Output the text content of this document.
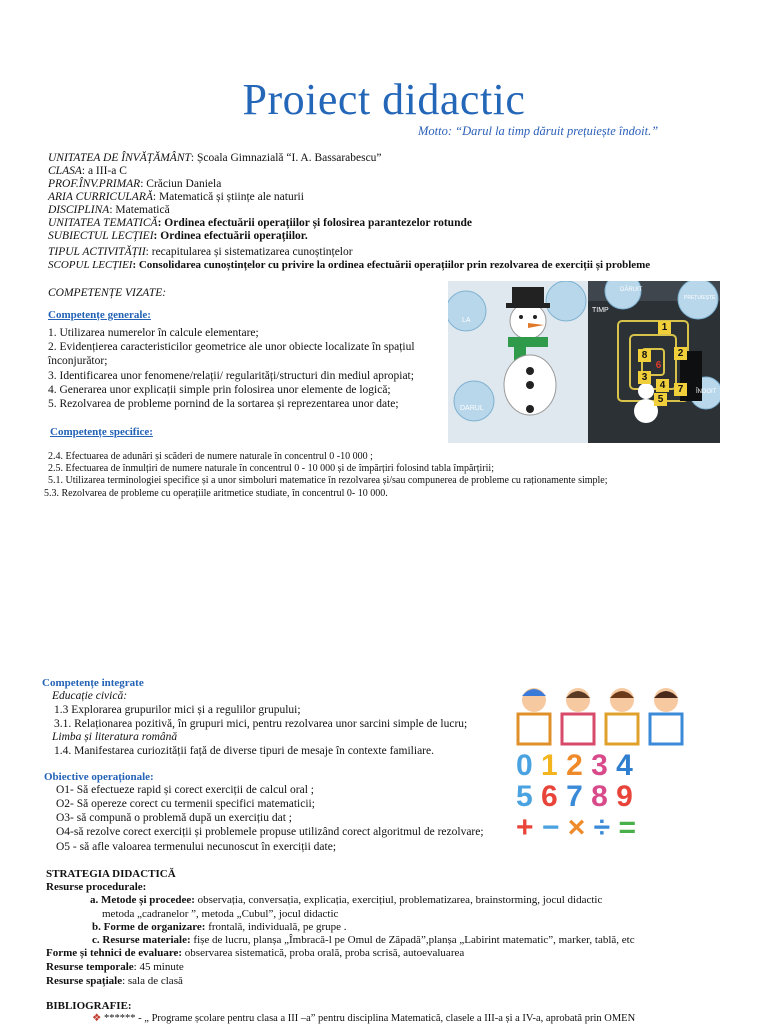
Proiect didactic
Motto: “Darul la timp dăruit prețuiește îndoit.”
UNITATEA DE ÎNVĂȚĂMÂNT: Școala Gimnazială “I. A. Bassarabescu”
CLASA: a III-a C
PROF.ÎNV.PRIMAR: Crăciun Daniela
ARIA CURRICULARĂ: Matematică și științe ale naturii
DISCIPLINA: Matematică
UNITATEA TEMATICĂ: Ordinea efectuării operațiilor și folosirea parantezelor rotunde
SUBIECTUL LECȚIEI: Ordinea efectuării operațiilor.
TIPUL ACTIVITĂȚII: recapitularea și sistematizarea cunoștințelor
SCOPUL LECȚIEI: Consolidarea cunoștințelor cu privire la ordinea efectuării operațiilor prin rezolvarea de exerciții și probleme
COMPETENȚE VIZATE:
Competențe generale:
1. Utilizarea numerelor în calcule elementare;
2. Evidențierea caracteristicilor geometrice ale unor obiecte localizate în spațiul
înconjurător;
3. Identificarea unor fenomene/relații/ regularități/structuri din mediul apropiat;
4. Generarea unor explicații simple prin folosirea unor elemente de logică;
5. Rezolvarea de probleme pornind de la sortarea și reprezentarea unor date;
Competențe specifice:
2.4. Efectuarea de adunări și scăderi de numere naturale în concentrul 0 -10 000 ;
2.5. Efectuarea de înmulțiri de numere naturale în concentrul 0 - 10 000 și de împărțiri folosind tabla împărțirii;
5.1. Utilizarea terminologiei specifice și a unor simboluri matematice în rezolvarea și/sau compunerea de probleme cu raționamente simple;
5.3. Rezolvarea de probleme cu operațiile aritmetice studiate, în concentrul 0- 10 000.
LA
TIMP
DARUL
DĂRUIT
PREȚUIEȘTE
ÎNDOIT
1
2
3
4
5
6
7
8
Competențe integrate
Educație civică:
1.3 Explorarea grupurilor mici și a regulilor grupului;
3.1. Relaționarea pozitivă, în grupuri mici, pentru rezolvarea unor sarcini simple de lucru;
Limba și literatura română
1.4. Manifestarea curiozității față de diverse tipuri de mesaje în contexte familiare.
Obiective operaționale:
O1- Să efectueze rapid și corect exerciții de calcul oral ;
O2- Să opereze corect cu termenii specifici matematicii;
O3- să compună o problemă după un exercițiu dat ;
O4-să rezolve corect exerciții și problemele propuse utilizând corect algoritmul de rezolvare;
O5 - să afle valoarea termenului necunoscut în exerciții date;
0 1 2 3 4
5 6 7 8 9
+ − × ÷ =
STRATEGIA DIDACTICĂ
Resurse procedurale:
a. Metode și procedee: observația, conversația, explicația, exercițiul, problematizarea, brainstorming, jocul didactic
metoda „cadranelor ”, metoda „Cubul”, jocul didactic
b. Forme de organizare: frontală, individuală, pe grupe .
c. Resurse materiale: fișe de lucru, planșa „Îmbracă-l pe Omul de Zăpadă”,planșa „Labirint matematic”, marker, tablă, etc
Forme și tehnici de evaluare: observarea sistematică, proba orală, proba scrisă, autoevaluarea
Resurse temporale: 45 minute
Resurse spațiale: sala de clasă
BIBLIOGRAFIE:
❖ ****** - „ Programe școlare pentru clasa a III –a” pentru disciplina Matematică, clasele a III-a și a IV-a, aprobată prin OMEN
